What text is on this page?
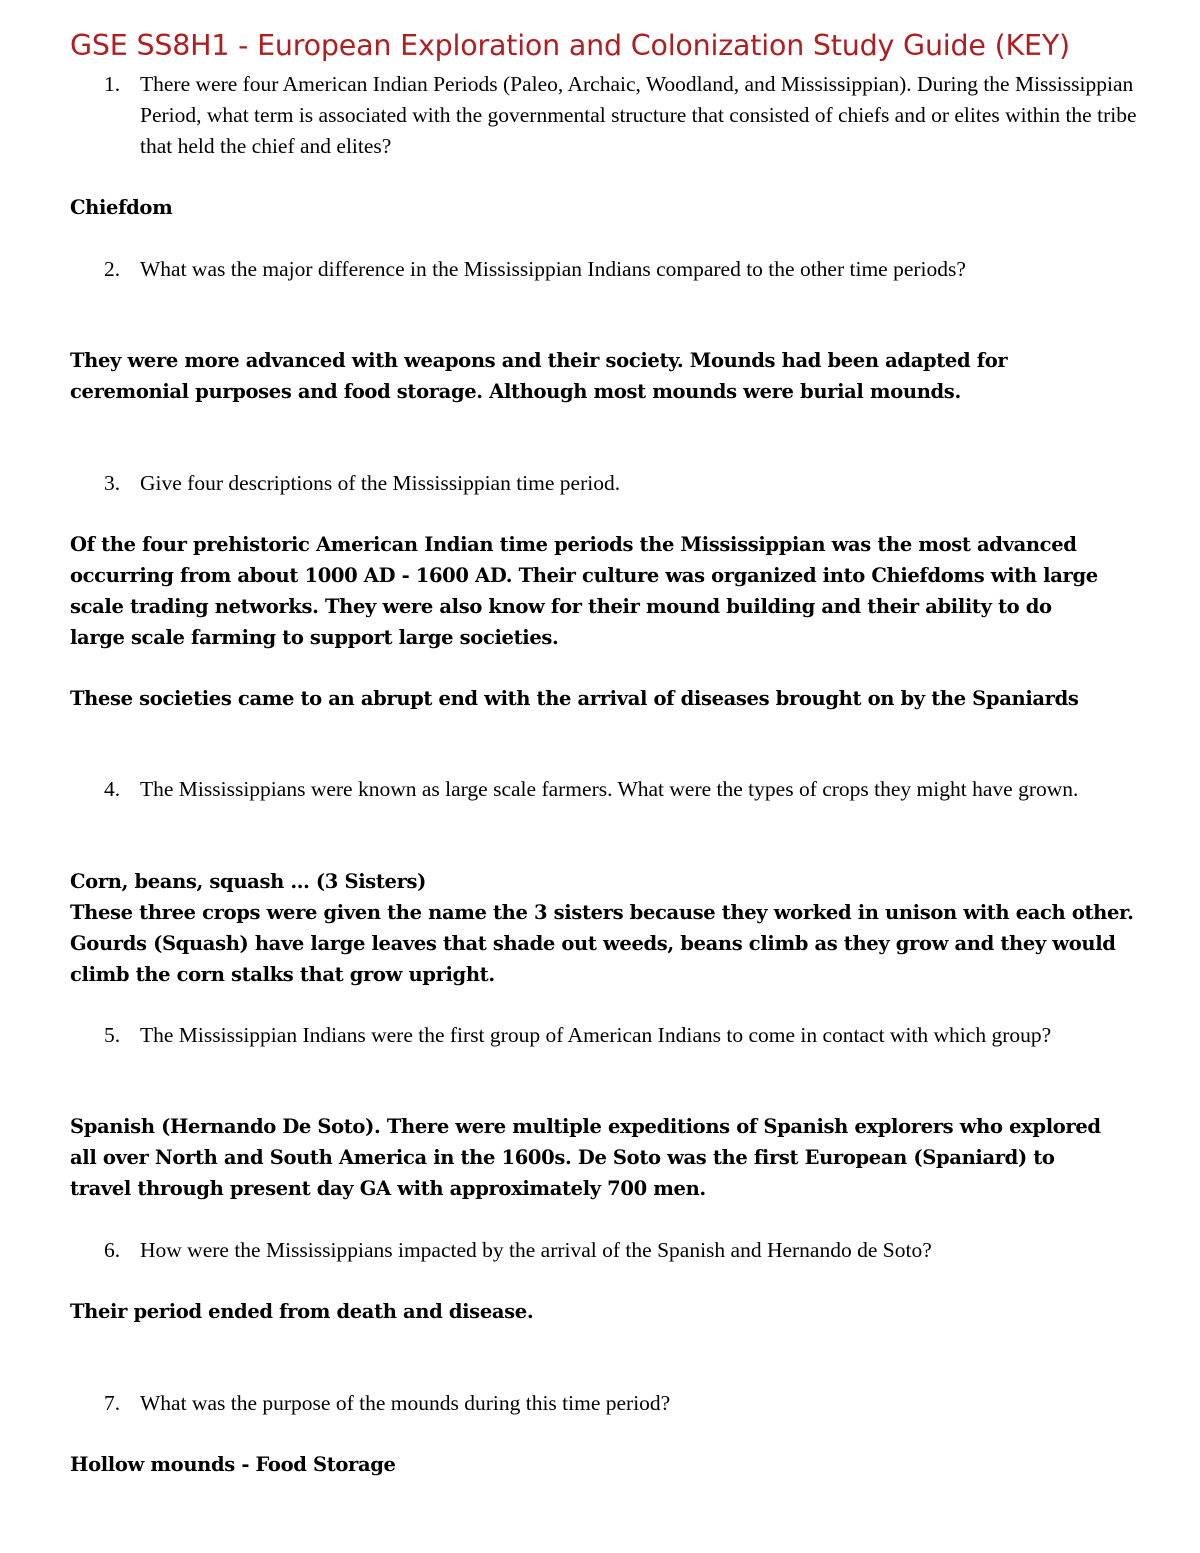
GSE SS8H1 - European Exploration and Colonization Study Guide (KEY)
1. There were four American Indian Periods (Paleo, Archaic, Woodland, and Mississippian). During the Mississippian Period, what term is associated with the governmental structure that consisted of chiefs and or elites within the tribe that held the chief and elites?
Chiefdom
2. What was the major difference in the Mississippian Indians compared to the other time periods?
They were more advanced with weapons and their society. Mounds had been adapted for ceremonial purposes and food storage. Although most mounds were burial mounds.
3. Give four descriptions of the Mississippian time period.
Of the four prehistoric American Indian time periods the Mississippian was the most advanced occurring from about 1000 AD - 1600 AD. Their culture was organized into Chiefdoms with large scale trading networks. They were also know for their mound building and their ability to do large scale farming to support large societies.
These societies came to an abrupt end with the arrival of diseases brought on by the Spaniards
4. The Mississippians were known as large scale farmers. What were the types of crops they might have grown.
Corn, beans, squash … (3 Sisters)
These three crops were given the name the 3 sisters because they worked in unison with each other. Gourds (Squash) have large leaves that shade out weeds, beans climb as they grow and they would climb the corn stalks that grow upright.
5. The Mississippian Indians were the first group of American Indians to come in contact with which group?
Spanish (Hernando De Soto). There were multiple expeditions of Spanish explorers who explored all over North and South America in the 1600s. De Soto was the first European (Spaniard) to travel through present day GA with approximately 700 men.
6. How were the Mississippians impacted by the arrival of the Spanish and Hernando de Soto?
Their period ended from death and disease.
7. What was the purpose of the mounds during this time period?
Hollow mounds - Food Storage
